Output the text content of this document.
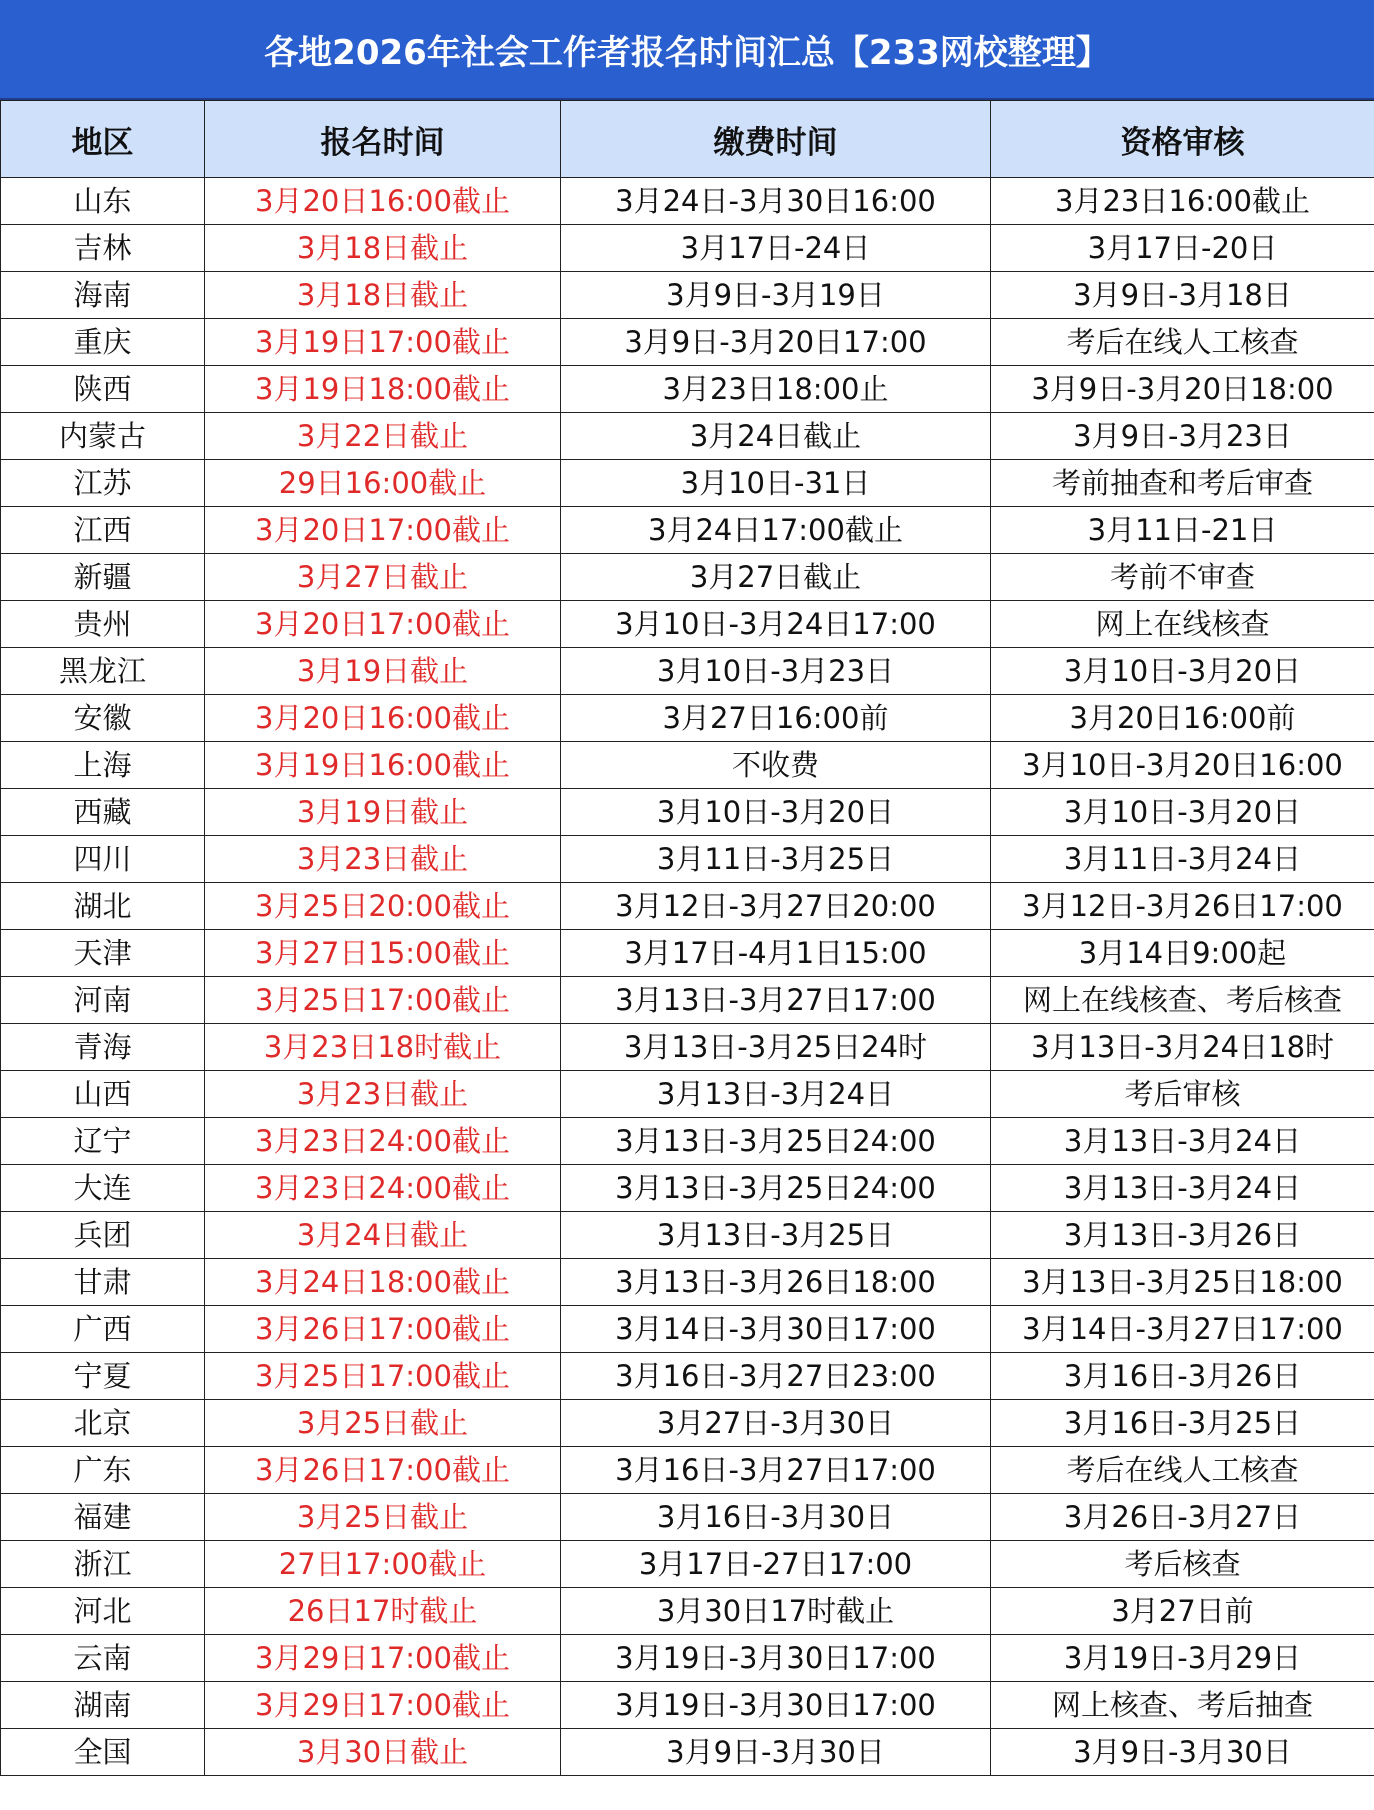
各地2026年社会工作者报名时间汇总【233网校整理】
地区	报名时间	缴费时间	资格审核
山东	3月20日16:00截止	3月24日-3月30日16:00	3月23日16:00截止
吉林	3月18日截止	3月17日-24日	3月17日-20日
海南	3月18日截止	3月9日-3月19日	3月9日-3月18日
重庆	3月19日17:00截止	3月9日-3月20日17:00	考后在线人工核查
陕西	3月19日18:00截止	3月23日18:00止	3月9日-3月20日18:00
内蒙古	3月22日截止	3月24日截止	3月9日-3月23日
江苏	29日16:00截止	3月10日-31日	考前抽查和考后审查
江西	3月20日17:00截止	3月24日17:00截止	3月11日-21日
新疆	3月27日截止	3月27日截止	考前不审查
贵州	3月20日17:00截止	3月10日-3月24日17:00	网上在线核查
黑龙江	3月19日截止	3月10日-3月23日	3月10日-3月20日
安徽	3月20日16:00截止	3月27日16:00前	3月20日16:00前
上海	3月19日16:00截止	不收费	3月10日-3月20日16:00
西藏	3月19日截止	3月10日-3月20日	3月10日-3月20日
四川	3月23日截止	3月11日-3月25日	3月11日-3月24日
湖北	3月25日20:00截止	3月12日-3月27日20:00	3月12日-3月26日17:00
天津	3月27日15:00截止	3月17日-4月1日15:00	3月14日9:00起
河南	3月25日17:00截止	3月13日-3月27日17:00	网上在线核查、考后核查
青海	3月23日18时截止	3月13日-3月25日24时	3月13日-3月24日18时
山西	3月23日截止	3月13日-3月24日	考后审核
辽宁	3月23日24:00截止	3月13日-3月25日24:00	3月13日-3月24日
大连	3月23日24:00截止	3月13日-3月25日24:00	3月13日-3月24日
兵团	3月24日截止	3月13日-3月25日	3月13日-3月26日
甘肃	3月24日18:00截止	3月13日-3月26日18:00	3月13日-3月25日18:00
广西	3月26日17:00截止	3月14日-3月30日17:00	3月14日-3月27日17:00
宁夏	3月25日17:00截止	3月16日-3月27日23:00	3月16日-3月26日
北京	3月25日截止	3月27日-3月30日	3月16日-3月25日
广东	3月26日17:00截止	3月16日-3月27日17:00	考后在线人工核查
福建	3月25日截止	3月16日-3月30日	3月26日-3月27日
浙江	27日17:00截止	3月17日-27日17:00	考后核查
河北	26日17时截止	3月30日17时截止	3月27日前
云南	3月29日17:00截止	3月19日-3月30日17:00	3月19日-3月29日
湖南	3月29日17:00截止	3月19日-3月30日17:00	网上核查、考后抽查
全国	3月30日截止	3月9日-3月30日	3月9日-3月30日
